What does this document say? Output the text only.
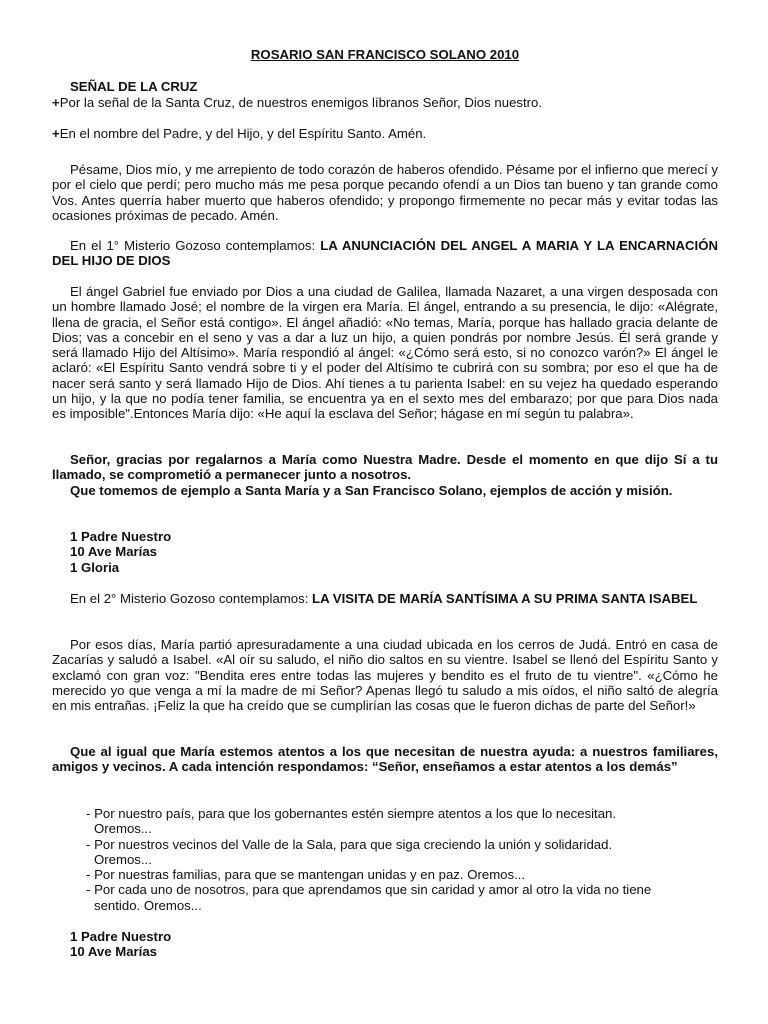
ROSARIO SAN FRANCISCO SOLANO 2010
SEÑAL DE LA CRUZ
+Por la señal de la Santa Cruz, de nuestros enemigos líbranos Señor, Dios nuestro.
+En el nombre del Padre, y del Hijo, y del Espíritu Santo. Amén.

Pésame, Dios mío, y me arrepiento de todo corazón de haberos ofendido. Pésame por el infierno que merecí y por el cielo que perdí; pero mucho más me pesa porque pecando ofendí a un Dios tan bueno y tan grande como Vos. Antes querría haber muerto que haberos ofendido; y propongo firmemente no pecar más y evitar todas las ocasiones próximas de pecado. Amén.

En el 1° Misterio Gozoso contemplamos: LA ANUNCIACIÓN DEL ANGEL A MARIA Y LA ENCARNACIÓN DEL HIJO DE DIOS

El ángel Gabriel fue enviado por Dios a una ciudad de Galilea, llamada Nazaret, a una virgen desposada con un hombre llamado José; el nombre de la virgen era María. El ángel, entrando a su presencia, le dijo: «Alégrate, llena de gracia, el Señor está contigo». El ángel añadió: «No temas, María, porque has hallado gracia delante de Dios; vas a concebir en el seno y vas a dar a luz un hijo, a quien pondrás por nombre Jesús. Él será grande y será llamado Hijo del Altísimo». María respondió al ángel: «¿Cómo será esto, si no conozco varón?» El ángel le aclaró: «El Espíritu Santo vendrá sobre ti y el poder del Altísimo te cubrirá con su sombra; por eso el que ha de nacer será santo y será llamado Hijo de Dios. Ahí tienes a tu parienta Isabel: en su vejez ha quedado esperando un hijo, y la que no podía tener familia, se encuentra ya en el sexto mes del embarazo; por que para Dios nada es imposible".Entonces María dijo: «He aquí la esclava del Señor; hágase en mí según tu palabra».

Señor, gracias por regalarnos a María como Nuestra Madre. Desde el momento en que dijo Sí a tu llamado, se comprometió a permanecer junto a nosotros.

Que tomemos de ejemplo a Santa María y a San Francisco Solano, ejemplos de acción y misión.

1 Padre Nuestro
10 Ave Marías
1 Gloria

En el 2° Misterio Gozoso contemplamos: LA VISITA DE MARÍA SANTÍSIMA A SU PRIMA SANTA ISABEL

Por esos días, María partió apresuradamente a una ciudad ubicada en los cerros de Judá. Entró en casa de Zacarías y saludó a Isabel. «Al oír su saludo, el niño dio saltos en su vientre. Isabel se llenó del Espíritu Santo y exclamó con gran voz: "Bendita eres entre todas las mujeres y bendito es el fruto de tu vientre". «¿Cómo he merecido yo que venga a mí la madre de mi Señor? Apenas llegó tu saludo a mis oídos, el niño saltó de alegría en mis entrañas. ¡Feliz la que ha creído que se cumplirían las cosas que le fueron dichas de parte del Señor!»

Que al igual que María estemos atentos a los que necesitan de nuestra ayuda: a nuestros familiares, amigos y vecinos. A cada intención respondamos: “Señor, enseñamos a estar atentos a los demás”

- Por nuestro país, para que los gobernantes estén siempre atentos a los que lo necesitan.
Oremos...
- Por nuestros vecinos del Valle de la Sala, para que siga creciendo la unión y solidaridad.
Oremos...
- Por nuestras familias, para que se mantengan unidas y en paz. Oremos...
- Por cada uno de nosotros, para que aprendamos que sin caridad y amor al otro la vida no tiene
sentido. Oremos...
1 Padre Nuestro
10 Ave Marías
